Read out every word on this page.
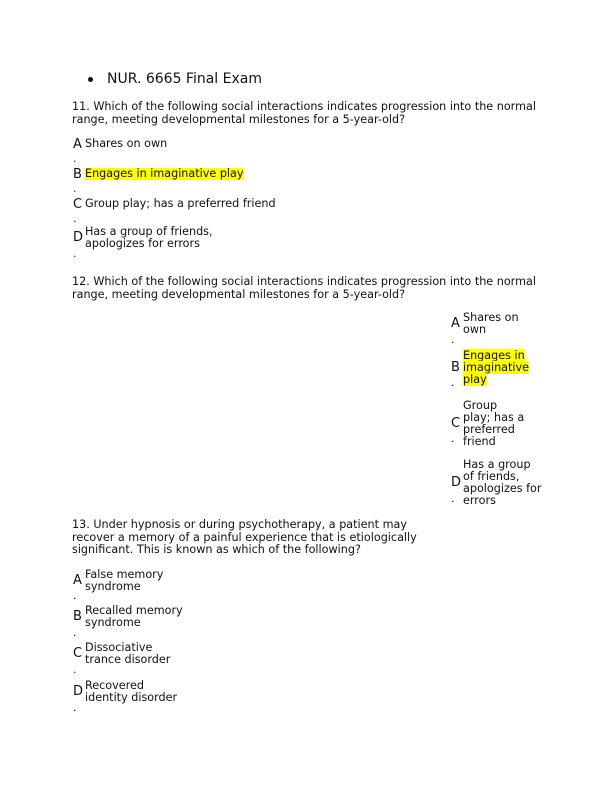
NUR. 6665 Final Exam
11. Which of the following social interactions indicates progression into the normal range, meeting developmental milestones for a 5-year-old?
A Shares on own
.
B Engages in imaginative play
.
C Group play; has a preferred friend
.
D Has a group of friends, apologizes for errors
.
12. Which of the following social interactions indicates progression into the normal range, meeting developmental milestones for a 5-year-old?
A Shares on own
.
B
Engages in imaginative play
.
C
Group play; has a preferred friend
.
D
Has a group of friends, apologizes for errors
.
13. Under hypnosis or during psychotherapy, a patient may recover a memory of a painful experience that is etiologically significant. This is known as which of the following?
A False memory syndrome
.
B Recalled memory syndrome
.
C Dissociative trance disorder
.
D Recovered identity disorder
.
